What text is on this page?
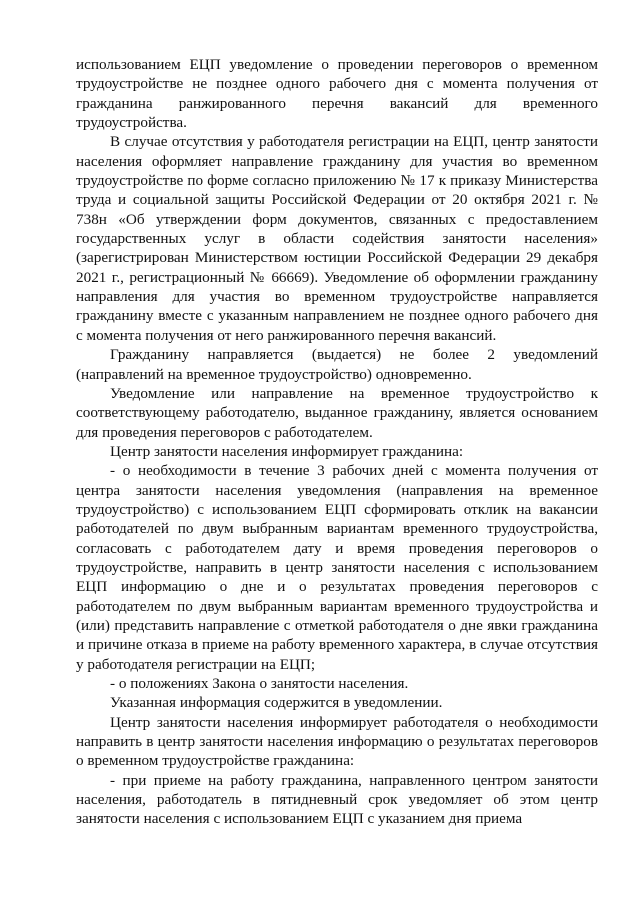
использованием ЕЦП уведомление о проведении переговоров о временном трудоустройстве не позднее одного рабочего дня с момента получения от гражданина ранжированного перечня вакансий для временного трудоустройства.

В случае отсутствия у работодателя регистрации на ЕЦП, центр занятости населения оформляет направление гражданину для участия во временном трудоустройстве по форме согласно приложению № 17 к приказу Министерства труда и социальной защиты Российской Федерации от 20 октября 2021 г. № 738н «Об утверждении форм документов, связанных с предоставлением государственных услуг в области содействия занятости населения» (зарегистрирован Министерством юстиции Российской Федерации 29 декабря 2021 г., регистрационный № 66669). Уведомление об оформлении гражданину направления для участия во временном трудоустройстве направляется гражданину вместе с указанным направлением не позднее одного рабочего дня с момента получения от него ранжированного перечня вакансий.

Гражданину направляется (выдается) не более 2 уведомлений (направлений на временное трудоустройство) одновременно.

Уведомление или направление на временное трудоустройство к соответствующему работодателю, выданное гражданину, является основанием для проведения переговоров с работодателем.

Центр занятости населения информирует гражданина:

- о необходимости в течение 3 рабочих дней с момента получения от центра занятости населения уведомления (направления на временное трудоустройство) с использованием ЕЦП сформировать отклик на вакансии работодателей по двум выбранным вариантам временного трудоустройства, согласовать с работодателем дату и время проведения переговоров о трудоустройстве, направить в центр занятости населения с использованием ЕЦП информацию о дне и о результатах проведения переговоров с работодателем по двум выбранным вариантам временного трудоустройства и (или) представить направление с отметкой работодателя о дне явки гражданина и причине отказа в приеме на работу временного характера, в случае отсутствия у работодателя регистрации на ЕЦП;

- о положениях Закона о занятости населения.

Указанная информация содержится в уведомлении.

Центр занятости населения информирует работодателя о необходимости направить в центр занятости населения информацию о результатах переговоров о временном трудоустройстве гражданина:

- при приеме на работу гражданина, направленного центром занятости населения, работодатель в пятидневный срок уведомляет об этом центр занятости населения с использованием ЕЦП с указанием дня приема
